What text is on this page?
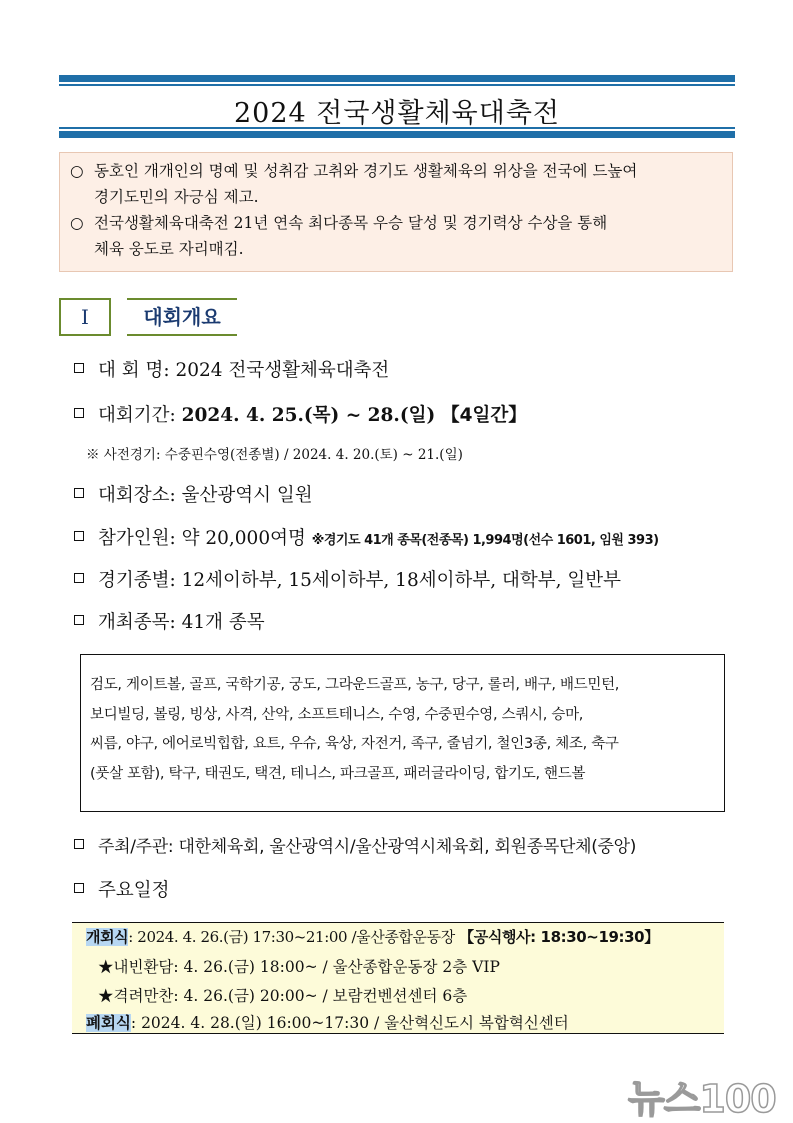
2024 전국생활체육대축전
○ 동호인 개개인의 명예 및 성취감 고취와 경기도 생활체육의 위상을 전국에 드높여
경기도민의 자긍심 제고.
○ 전국생활체육대축전 21년 연속 최다종목 우승 달성 및 경기력상 수상을 통해
체육 웅도로 자리매김.
Ⅰ	대회개요
대 회 명: 2024 전국생활체육대축전
대회기간: 2024. 4. 25.(목) ~ 28.(일) 【4일간】
※ 사전경기: 수중핀수영(전종별) / 2024. 4. 20.(토) ~ 21.(일)
대회장소: 울산광역시 일원
참가인원: 약 20,000여명 ※경기도 41개 종목(전종목) 1,994명(선수 1601, 임원 393)
경기종별: 12세이하부, 15세이하부, 18세이하부, 대학부, 일반부
개최종목: 41개 종목
검도, 게이트볼, 골프, 국학기공, 궁도, 그라운드골프, 농구, 당구, 롤러, 배구, 배드민턴,
보디빌딩, 볼링, 빙상, 사격, 산악, 소프트테니스, 수영, 수중핀수영, 스쿼시, 승마,
씨름, 야구, 에어로빅힙합, 요트, 우슈, 육상, 자전거, 족구, 줄넘기, 철인3종, 체조, 축구
(풋살 포함), 탁구, 태권도, 택견, 테니스, 파크골프, 패러글라이딩, 합기도, 핸드볼
주최/주관: 대한체육회, 울산광역시/울산광역시체육회, 회원종목단체(중앙)
주요일정
개회식: 2024. 4. 26.(금) 17:30~21:00 /울산종합운동장 【공식행사: 18:30~19:30】
★내빈환담: 4. 26.(금) 18:00~ / 울산종합운동장 2층 VIP
★격려만찬: 4. 26.(금) 20:00~ / 보람컨벤션센터 6층
폐회식: 2024. 4. 28.(일) 16:00~17:30 / 울산혁신도시 복합혁신센터
뉴스100
